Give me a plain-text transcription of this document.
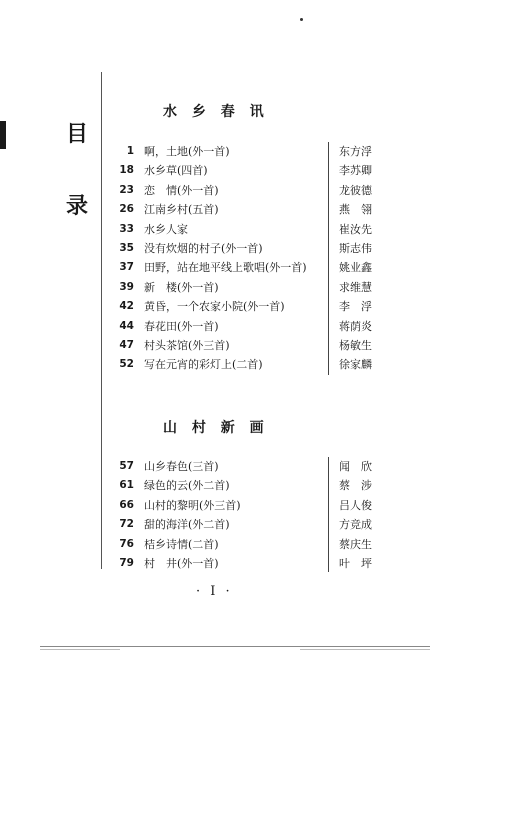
目
录
水 乡 春 讯
1 啊，土地(外一首)	东方浮
18 水乡草(四首)	李苏卿
23 恋　情(外一首)	龙彼德
26 江南乡村(五首)	燕　翎
33 水乡人家	崔汝先
35 没有炊烟的村子(外一首)	斯志伟
37 田野，站在地平线上歌唱(外一首)	姚业鑫
39 新　楼(外一首)	求维慧
42 黄昏，一个农家小院(外一首)	李　浮
44 春花田(外一首)	蒋荫炎
47 村头茶馆(外三首)	杨敏生
52 写在元宵的彩灯上(二首)	徐家麟
山 村 新 画
57 山乡春色(三首)	闻　欣
61 绿色的云(外二首)	蔡　涉
66 山村的黎明(外三首)	吕人俊
72 甜的海洋(外二首)	方竞成
76 桔乡诗情(二首)	蔡庆生
79 村　井(外一首)	叶　坪
· I ·
